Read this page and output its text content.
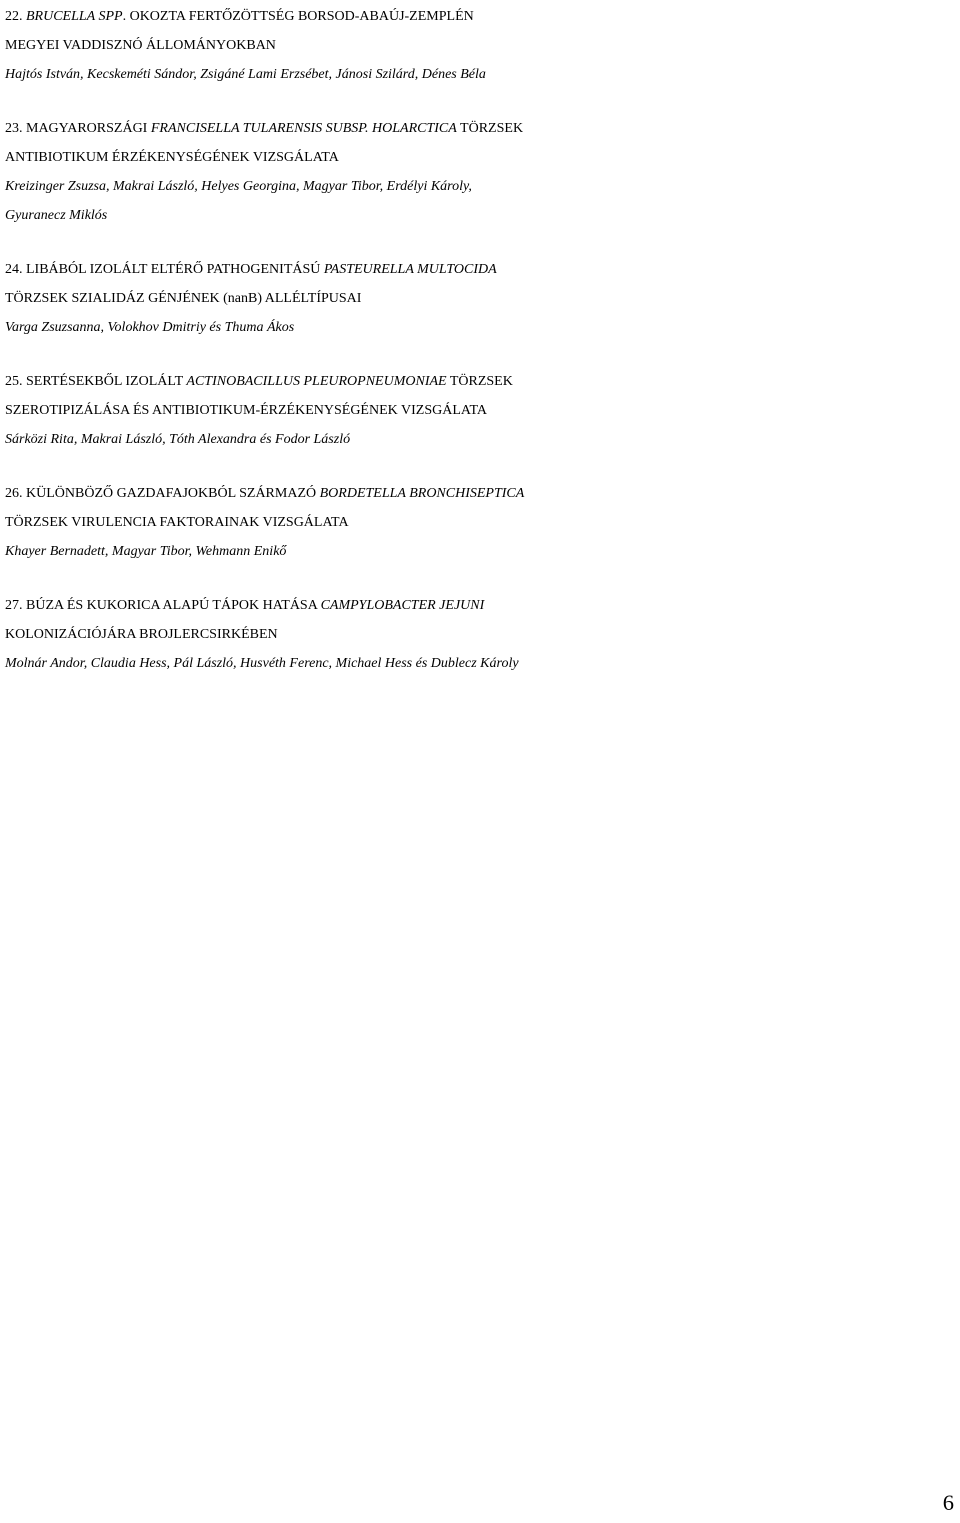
22. BRUCELLA SPP. OKOZTA FERTŐZÖTTSÉG BORSOD-ABAÚJ-ZEMPLÉN
MEGYEI VADDISZNÓ ÁLLOMÁNYOKBAN
Hajtós István, Kecskeméti Sándor, Zsigáné Lami Erzsébet, Jánosi Szilárd, Dénes Béla
23. MAGYARORSZÁGI FRANCISELLA TULARENSIS SUBSP. HOLARCTICA TÖRZSEK
ANTIBIOTIKUM ÉRZÉKENYSÉGÉNEK VIZSGÁLATA
Kreizinger Zsuzsa, Makrai László, Helyes Georgina, Magyar Tibor, Erdélyi Károly,
Gyuranecz Miklós
24. LIBÁBÓL IZOLÁLT ELTÉRŐ PATHOGENITÁSÚ PASTEURELLA MULTOCIDA
TÖRZSEK SZIALIDÁZ GÉNJÉNEK (nanB) ALLÉLTÍPUSAI
Varga Zsuzsanna, Volokhov Dmitriy és Thuma Ákos
25. SERTÉSEKBŐL IZOLÁLT ACTINOBACILLUS PLEUROPNEUMONIAE TÖRZSEK
SZEROTIPIZÁLÁSA ÉS ANTIBIOTIKUM-ÉRZÉKENYSÉGÉNEK VIZSGÁLATA
Sárközi Rita, Makrai László, Tóth Alexandra és Fodor László
26. KÜLÖNBÖZŐ GAZDAFAJOKBÓL SZÁRMAZÓ BORDETELLA BRONCHISEPTICA
TÖRZSEK VIRULENCIA FAKTORAINAK VIZSGÁLATA
Khayer Bernadett, Magyar Tibor, Wehmann Enikő
27. BÚZA ÉS KUKORICA ALAPÚ TÁPOK HATÁSA CAMPYLOBACTER JEJUNI
KOLONIZÁCIÓJÁRA BROJLERCSIRKÉBEN
Molnár Andor, Claudia Hess, Pál László, Husvéth Ferenc, Michael Hess és Dublecz Károly
6
